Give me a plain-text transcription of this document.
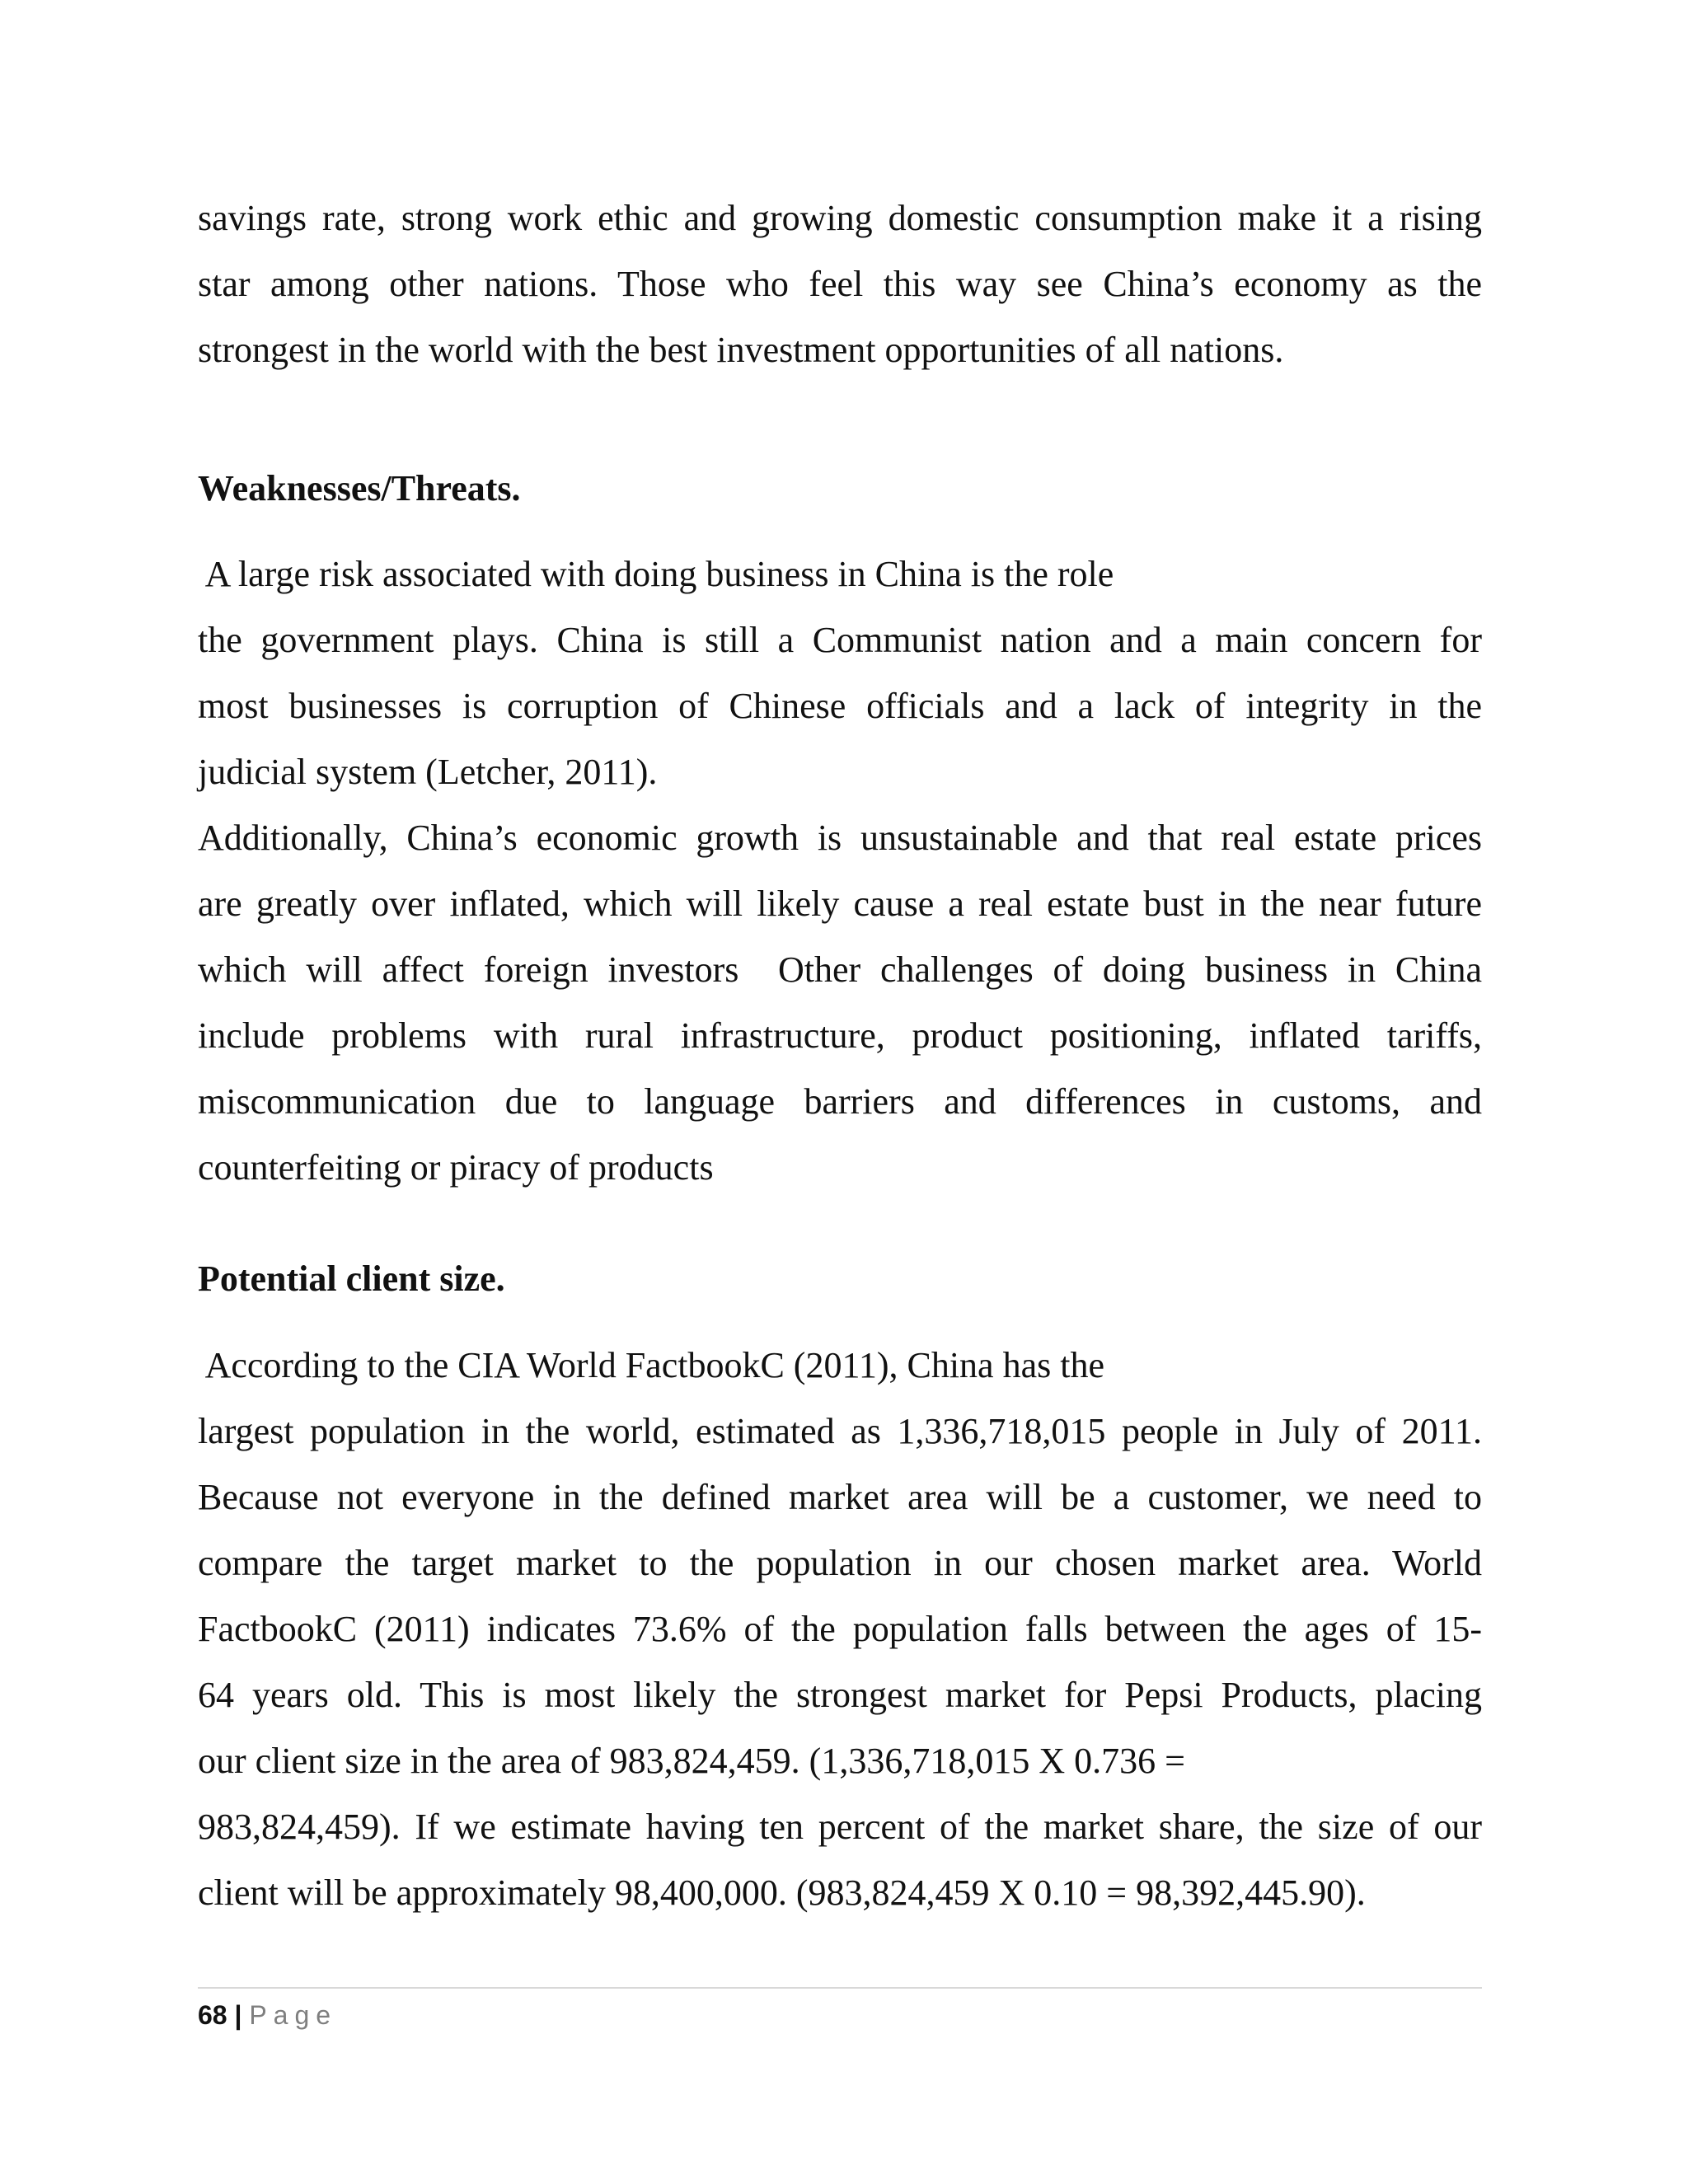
savings rate, strong work ethic and growing domestic consumption make it a rising
star among other nations. Those who feel this way see China’s economy as the
strongest in the world with the best investment opportunities of all nations.
Weaknesses/Threats.
A large risk associated with doing business in China is the role
the government plays. China is still a Communist nation and a main concern for
most businesses is corruption of Chinese officials and a lack of integrity in the
judicial system (Letcher, 2011).
Additionally, China’s economic growth is unsustainable and that real estate prices
are greatly over inflated, which will likely cause a real estate bust in the near future
which will affect foreign investors  Other challenges of doing business in China
include problems with rural infrastructure, product positioning, inflated tariffs,
miscommunication due to language barriers and differences in customs, and
counterfeiting or piracy of products
Potential client size.
According to the CIA World FactbookC (2011), China has the
largest population in the world, estimated as 1,336,718,015 people in July of 2011.
Because not everyone in the defined market area will be a customer, we need to
compare the target market to the population in our chosen market area. World
FactbookC (2011) indicates 73.6% of the population falls between the ages of 15-
64 years old. This is most likely the strongest market for Pepsi Products, placing
our client size in the area of 983,824,459. (1,336,718,015 X 0.736 =
983,824,459). If we estimate having ten percent of the market share, the size of our
client will be approximately 98,400,000. (983,824,459 X 0.10 = 98,392,445.90).
68 | Page
